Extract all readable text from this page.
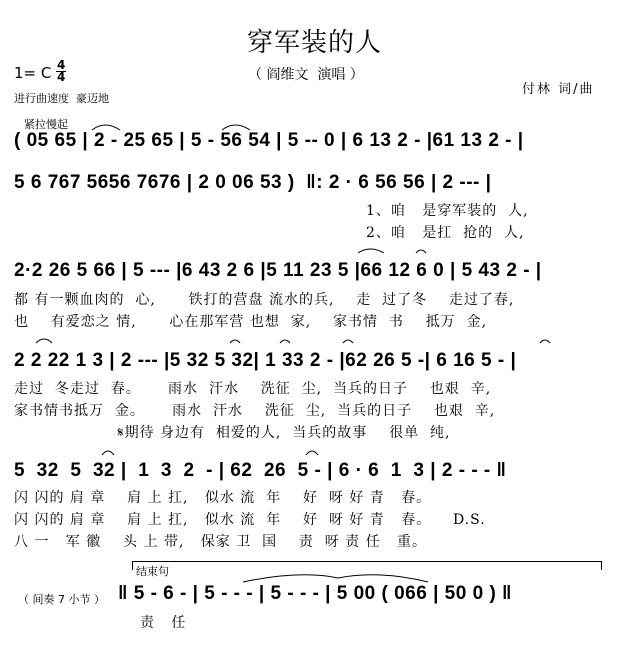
穿军装的人
（ 阎维文  演唱 ）
1= C $\frac{4}{4}$
进行曲速度  豪迈地
付林 词/曲
紧拉慢起
( 05 65 | 2 - 25 65 | 5 - 56 54 | 5 -- 0 | 6 13 2 - |61 13 2 - |
5 6 767 5656 7676 | 2 0 06 53 )  ‖: 2 · 6 56 56 | 2 --- |
1、咱   是穿军装的  人,
2、咱   是扛  抢的  人,
2·2 26 5 66 | 5 --- |6 43 2 6 |5 11 23 5 |66 12 6 0 | 5 43 2 - |
都 有一颗血肉的  心,      铁打的营盘 流水的兵,    走  过了冬    走过了春,
也    有爱恋之 情,      心在那军营 也想  家,    家书情  书    抵万  金,
2 2 22 1 3 | 2 --- |5 32 5 32| 1 33 2 - |62 26 5 -| 6 16 5 - |
走过  冬走过  春。     雨水  汗水    洗征  尘,  当兵的日子    也艰  辛,
家书情书抵万  金。     雨水  汗水    洗征  尘,  当兵的日子    也艰  辛,
𝄋期待 身边有  相爱的人,  当兵的故事    很单  纯,
5  32  5  32 |  1  3  2  - | 62  26  5 - | 6 · 6  1  3 | 2 - - - ‖
闪 闪的 肩 章    肩 上 扛,   似水 流  年    好  呀 好 青   春。
闪 闪的 肩 章    肩 上 扛,   似水 流  年    好  呀 好 青   春。    D.S.
八 一   军 徽    头 上 带,   保家 卫  国    责  呀 责 任   重。
结束句
（ 间奏 7 小节 ） ‖ 5 - 6 - | 5 - - - | 5 - - - | 5 00 ( 066 | 50 0 ) ‖
责   任
